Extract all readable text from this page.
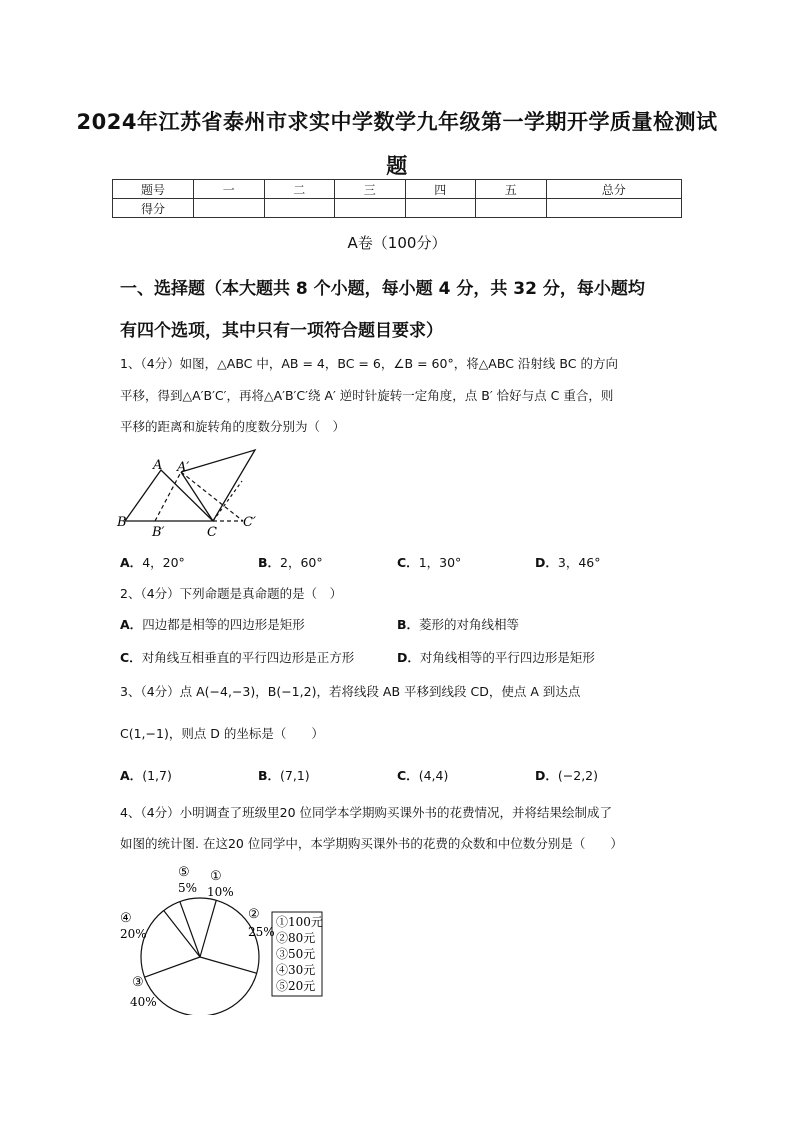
2024年江苏省泰州市求实中学数学九年级第一学期开学质量检测试
题
题号	一	二	三	四	五	总分
得分						
A卷（100分）
一、选择题（本大题共 8 个小题，每小题 4 分，共 32 分，每小题均
有四个选项，其中只有一项符合题目要求）
1、（4分）如图，△ABC 中，AB = 4，BC = 6，∠B = 60°，将△ABC 沿射线 BC 的方向
平移，得到△A′B′C′，再将△A′B′C′绕 A′ 逆时针旋转一定角度，点 B′ 恰好与点 C 重合，则
平移的距离和旋转角的度数分别为（　）
A A′
B
B′	C
C′
A．4，20°	B．2，60°	C．1，30°	D．3，46°
2、（4分）下列命题是真命题的是（　）
A．四边都是相等的四边形是矩形	B．菱形的对角线相等
C．对角线互相垂直的平行四边形是正方形	D．对角线相等的平行四边形是矩形
3、（4分）点 A(−4,−3)，B(−1,2)，若将线段 AB 平移到线段 CD，使点 A 到达点
C(1,−1)，则点 D 的坐标是（　　）
A．(1,7)	B．(7,1)	C．(4,4)	D．(−2,2)
4、（4分）小明调查了班级里20 位同学本学期购买课外书的花费情况，并将结果绘制成了
如图的统计图. 在这20 位同学中，本学期购买课外书的花费的众数和中位数分别是（　　）
①
10%
②
25%
③
40%
④
20%
⑤
5%
①100元
②80元
③50元
④30元
⑤20元
